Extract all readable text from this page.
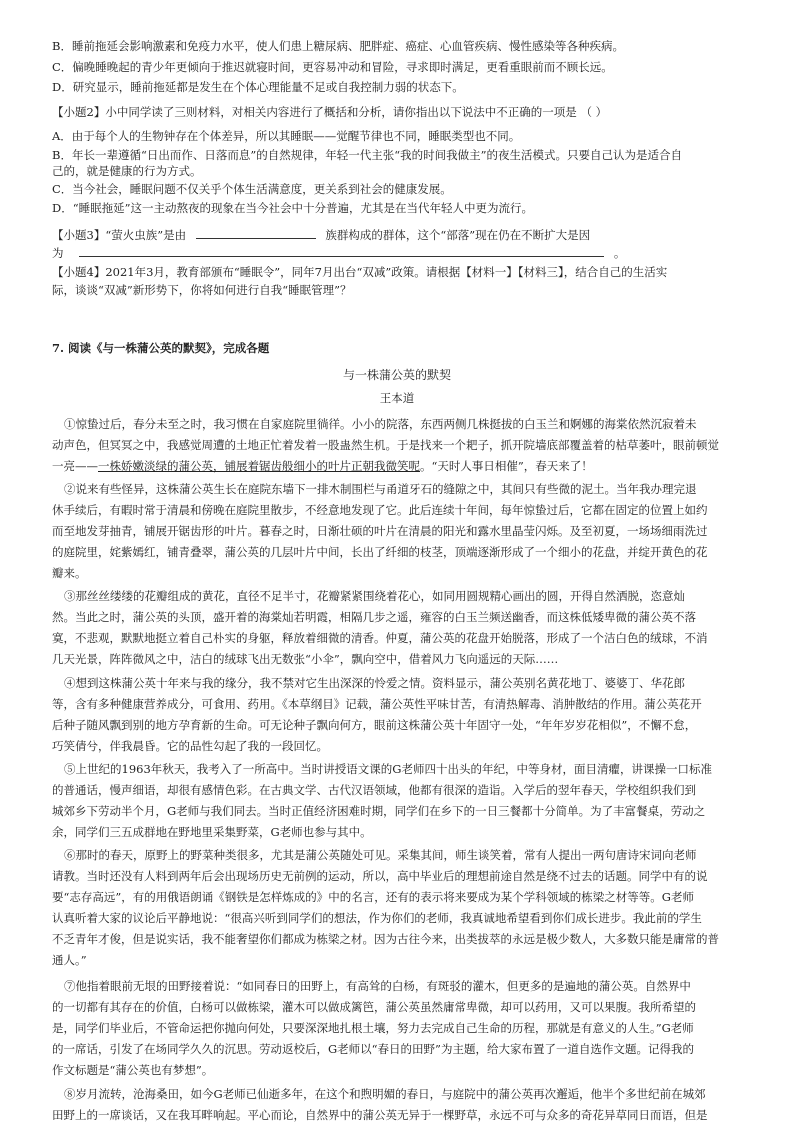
B．睡前拖延会影响激素和免疫力水平，使人们患上糖尿病、肥胖症、癌症、心血管疾病、慢性感染等各种疾病。
C．偏晚睡晚起的青少年更倾向于推迟就寝时间，更容易冲动和冒险，寻求即时满足，更看重眼前而不顾长远。
D．研究显示，睡前拖延都是发生在个体心理能量不足或自我控制力弱的状态下。
【小题2】小中同学读了三则材料，对相关内容进行了概括和分析，请你指出以下说法中不正确的一项是 （ ）
A．由于每个人的生物钟存在个体差异，所以其睡眠——觉醒节律也不同，睡眠类型也不同。
B．年长一辈遵循“日出而作、日落而息”的自然规律，年轻一代主张“我的时间我做主”的夜生活模式。只要自己认为是适合自
己的，就是健康的行为方式。
C．当今社会，睡眠问题不仅关乎个体生活满意度，更关系到社会的健康发展。
D．“睡眠拖延”这一主动熬夜的现象在当今社会中十分普遍，尤其是在当代年轻人中更为流行。
【小题3】“萤火虫族”是由	族群构成的群体，这个“部落”现在仍在不断扩大是因
为	。
【小题4】2021年3月，教育部颁布“睡眠令”，同年7月出台“双减”政策。请根据【材料一】【材料三】，结合自己的生活实
际，谈谈“双减”新形势下，你将如何进行自我“睡眠管理”？
7. 阅读《与一株蒲公英的默契》，完成各题
与一株蒲公英的默契
王本道
①惊蛰过后，春分未至之时，我习惯在自家庭院里徜徉。小小的院落，东西两侧几株挺拔的白玉兰和婀娜的海棠依然沉寂着未
动声色，但冥冥之中，我感觉周遭的土地正忙着发着一股蛊然生机。于是找来一个耙子，抓开院墙底部覆盖着的枯草萎叶，眼前顿觉
一亮——一株娇嫩淡绿的蒲公英，铺展着锯齿般细小的叶片正朝我微笑呢。“天时人事日相催”，春天来了！
②说来有些怪异，这株蒲公英生长在庭院东墙下一排木制围栏与甬道牙石的缝隙之中，其间只有些微的泥土。当年我办理完退
休手续后，有暇时常于清晨和傍晚在庭院里散步，不经意地发现了它。此后连续十年间，每年惊蛰过后，它都在固定的位置上如约
而至地发芽抽青，铺展开锯齿形的叶片。暮春之时，日渐壮硕的叶片在清晨的阳光和露水里晶莹闪烁。及至初夏，一场场细雨洗过
的庭院里，姹紫嫣红，铺青叠翠，蒲公英的几层叶片中间，长出了纤细的枝茎，顶端逐渐形成了一个细小的花盘，并绽开黄色的花
瓣来。
③那丝丝缕缕的花瓣组成的黄花，直径不足半寸，花瓣紧紧围绕着花心，如同用圆规精心画出的圆，开得自然洒脱，恣意灿
然。当此之时，蒲公英的头顶，盛开着的海棠灿若明霞，相隔几步之遥，雍容的白玉兰频送幽香，而这株低矮卑微的蒲公英不落
寞，不悲观，默默地挺立着自己朴实的身躯，释放着细微的清香。仲夏，蒲公英的花盘开始脱落，形成了一个洁白色的绒球，不消
几天光景，阵阵微风之中，洁白的绒球飞出无数张“小伞”，飘向空中，借着风力飞向遥远的天际……
④想到这株蒲公英十年来与我的缘分，我不禁对它生出深深的怜爱之情。资料显示，蒲公英别名黄花地丁、婆婆丁、华花郎
等，含有多种健康营养成分，可食用、药用。《本草纲目》记载，蒲公英性平味甘苦，有清热解毒、消肿散结的作用。蒲公英花开
后种子随风飘到别的地方孕育新的生命。可无论种子飘向何方，眼前这株蒲公英十年固守一处，“年年岁岁花相似”，不懈不怠，
巧笑倩兮，伴我晨昏。它的品性勾起了我的一段回忆。
⑤上世纪的1963年秋天，我考入了一所高中。当时讲授语文课的G老师四十出头的年纪，中等身材，面目清癯，讲课操一口标准
的普通话，慢声细语，却很有感情色彩。在古典文学、古代汉语领域，他都有很深的造诣。入学后的翌年春天，学校组织我们到
城郊乡下劳动半个月，G老师与我们同去。当时正值经济困难时期，同学们在乡下的一日三餐都十分简单。为了丰富餐桌，劳动之
余，同学们三五成群地在野地里采集野菜，G老师也参与其中。
⑥那时的春天，原野上的野菜种类很多，尤其是蒲公英随处可见。采集其间，师生谈笑着，常有人提出一两句唐诗宋词向老师
请教。当时还没有人料到两年后会出现场历史无前例的运动，所以，高中毕业后的理想前途自然是绕不过去的话题。同学中有的说
要“志存高远”，有的用俄语朗诵《钢铁是怎样炼成的》中的名言，还有的表示将来要成为某个学科领域的栋梁之材等等。G老师
认真听着大家的议论后平静地说：“很高兴听到同学们的想法，作为你们的老师，我真诚地希望看到你们成长进步。我此前的学生
不乏青年才俊，但是说实话，我不能奢望你们都成为栋梁之材。因为古往今来，出类拔萃的永远是极少数人，大多数只能是庸常的普
通人。”
⑦他指着眼前无垠的田野接着说：“如同春日的田野上，有高耸的白杨，有斑驳的灌木，但更多的是遍地的蒲公英。自然界中
的一切都有其存在的价值，白杨可以做栋梁，灌木可以做成篱笆，蒲公英虽然庸常卑微，却可以药用，又可以果腹。我所希望的
是，同学们毕业后，不管命运把你抛向何处，只要深深地扎根土壤，努力去完成自己生命的历程，那就是有意义的人生。”G老师
的一席话，引发了在场同学久久的沉思。劳动返校后，G老师以“春日的田野”为主题，给大家布置了一道自选作文题。记得我的
作文标题是“蒲公英也有梦想”。
⑧岁月流转，沧海桑田，如今G老师已仙逝多年，在这个和煦明媚的春日，与庭院中的蒲公英再次邂逅，他半个多世纪前在城郊
田野上的一席谈话，又在我耳畔响起。平心而论，自然界中的蒲公英无异于一棵野草，永远不可与众多的奇花异草同日而语，但是
